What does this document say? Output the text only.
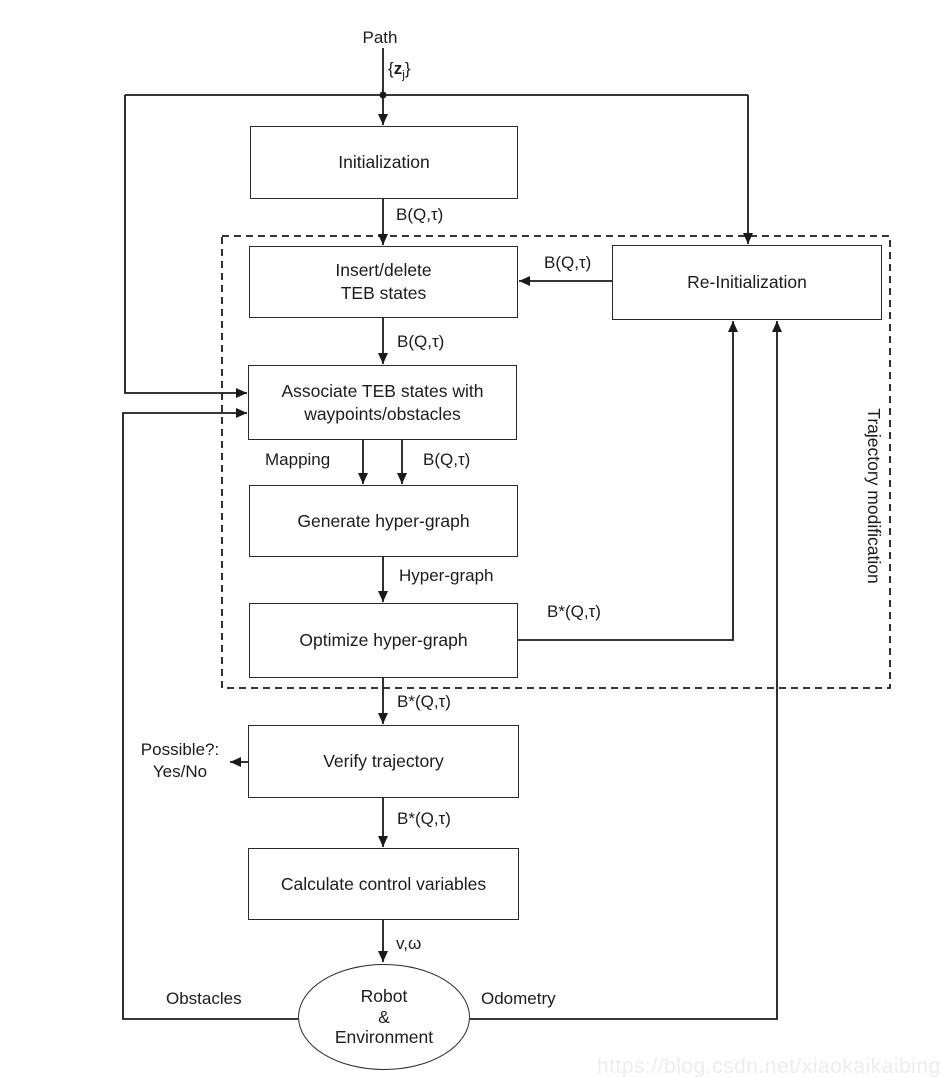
Initialization
Insert/delete
TEB states
Re-Initialization
Associate TEB states with
waypoints/obstacles
Generate hyper-graph
Optimize hyper-graph
Verify trajectory
Calculate control variables
Robot
&
Environment
Path
$\{z_j\}$
B(Q,τ)
B(Q,τ)
B(Q,τ)
Mapping	B(Q,τ)
Hyper-graph
B*(Q,τ)
B*(Q,τ)
B*(Q,τ)
v,ω
Possible?:
Yes/No
Obstacles	Odometry
Trajectory modification
https://blog.csdn.net/xiaokaikaibing
